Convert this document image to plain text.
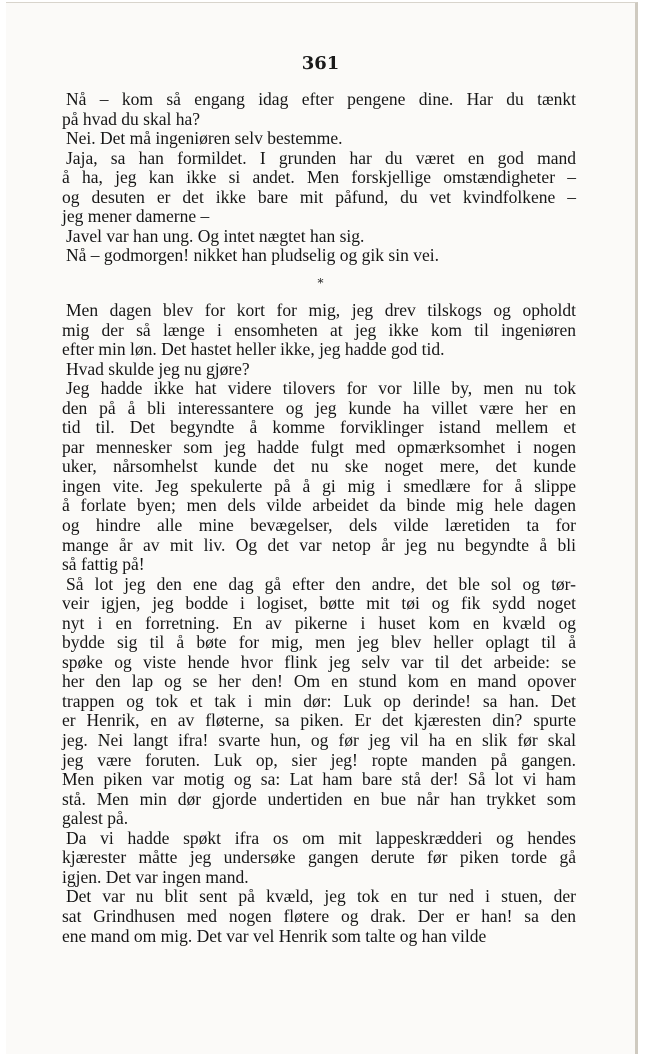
361
Nå – kom så engang idag efter pengene dine. Har du tænkt
på hvad du skal ha?
Nei. Det må ingeniøren selv bestemme.
Jaja, sa han formildet. I grunden har du været en god mand
å ha, jeg kan ikke si andet. Men forskjellige omstændigheter –
og desuten er det ikke bare mit påfund, du vet kvindfolkene –
jeg mener damerne –
Javel var han ung. Og intet nægtet han sig.
Nå – godmorgen! nikket han pludselig og gik sin vei.
*
Men dagen blev for kort for mig, jeg drev tilskogs og opholdt
mig der så længe i ensomheten at jeg ikke kom til ingeniøren
efter min løn. Det hastet heller ikke, jeg hadde god tid.
Hvad skulde jeg nu gjøre?
Jeg hadde ikke hat videre tilovers for vor lille by, men nu tok
den på å bli interessantere og jeg kunde ha villet være her en
tid til. Det begyndte å komme forviklinger istand mellem et
par mennesker som jeg hadde fulgt med opmærksomhet i nogen
uker, nårsomhelst kunde det nu ske noget mere, det kunde
ingen vite. Jeg spekulerte på å gi mig i smedlære for å slippe
å forlate byen; men dels vilde arbeidet da binde mig hele dagen
og hindre alle mine bevægelser, dels vilde læretiden ta for
mange år av mit liv. Og det var netop år jeg nu begyndte å bli
så fattig på!
Så lot jeg den ene dag gå efter den andre, det ble sol og tør-
veir igjen, jeg bodde i logiset, bøtte mit tøi og fik sydd noget
nyt i en forretning. En av pikerne i huset kom en kvæld og
bydde sig til å bøte for mig, men jeg blev heller oplagt til å
spøke og viste hende hvor flink jeg selv var til det arbeide: se
her den lap og se her den! Om en stund kom en mand opover
trappen og tok et tak i min dør: Luk op derinde! sa han. Det
er Henrik, en av fløterne, sa piken. Er det kjæresten din? spurte
jeg. Nei langt ifra! svarte hun, og før jeg vil ha en slik før skal
jeg være foruten. Luk op, sier jeg! ropte manden på gangen.
Men piken var motig og sa: Lat ham bare stå der! Så lot vi ham
stå. Men min dør gjorde undertiden en bue når han trykket som
galest på.
Da vi hadde spøkt ifra os om mit lappeskrædderi og hendes
kjærester måtte jeg undersøke gangen derute før piken torde gå
igjen. Det var ingen mand.
Det var nu blit sent på kvæld, jeg tok en tur ned i stuen, der
sat Grindhusen med nogen fløtere og drak. Der er han! sa den
ene mand om mig. Det var vel Henrik som talte og han vilde
